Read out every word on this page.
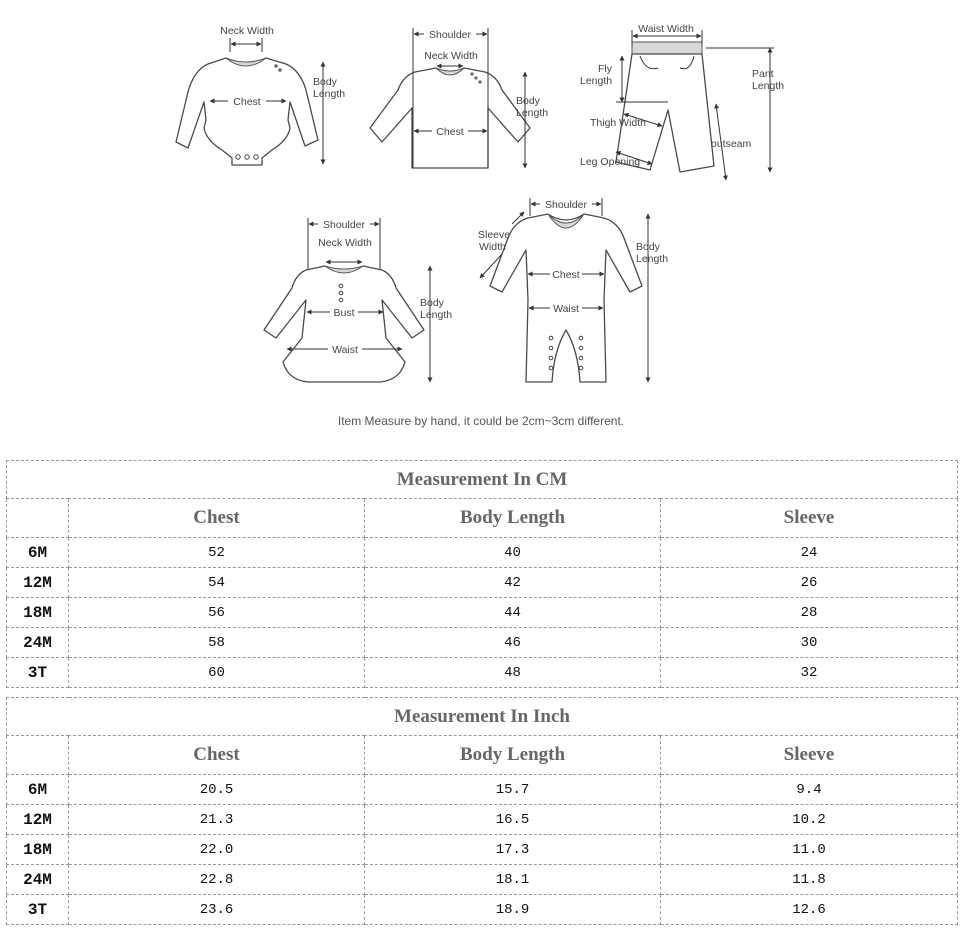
Neck Width
Chest
Body
Length
Shoulder
Neck Width
Chest
Body
Length
Waist Width
Fly
Length
Pant
Length
Thigh Width
outseam
Leg Opening
Shoulder
Neck Width
Bust
Waist
Body
Length
Shoulder
Sleeve
Width
Chest
Waist
Body
Length
Item Measure by hand, it could be 2cm~3cm different.
Measurement In CM			
	Chest	Body Length	Sleeve
6M	52	40	24
12M	54	42	26
18M	56	44	28
24M	58	46	30
3T	60	48	32
Measurement In Inch			
	Chest	Body Length	Sleeve
6M	20.5	15.7	9.4
12M	21.3	16.5	10.2
18M	22.0	17.3	11.0
24M	22.8	18.1	11.8
3T	23.6	18.9	12.6
